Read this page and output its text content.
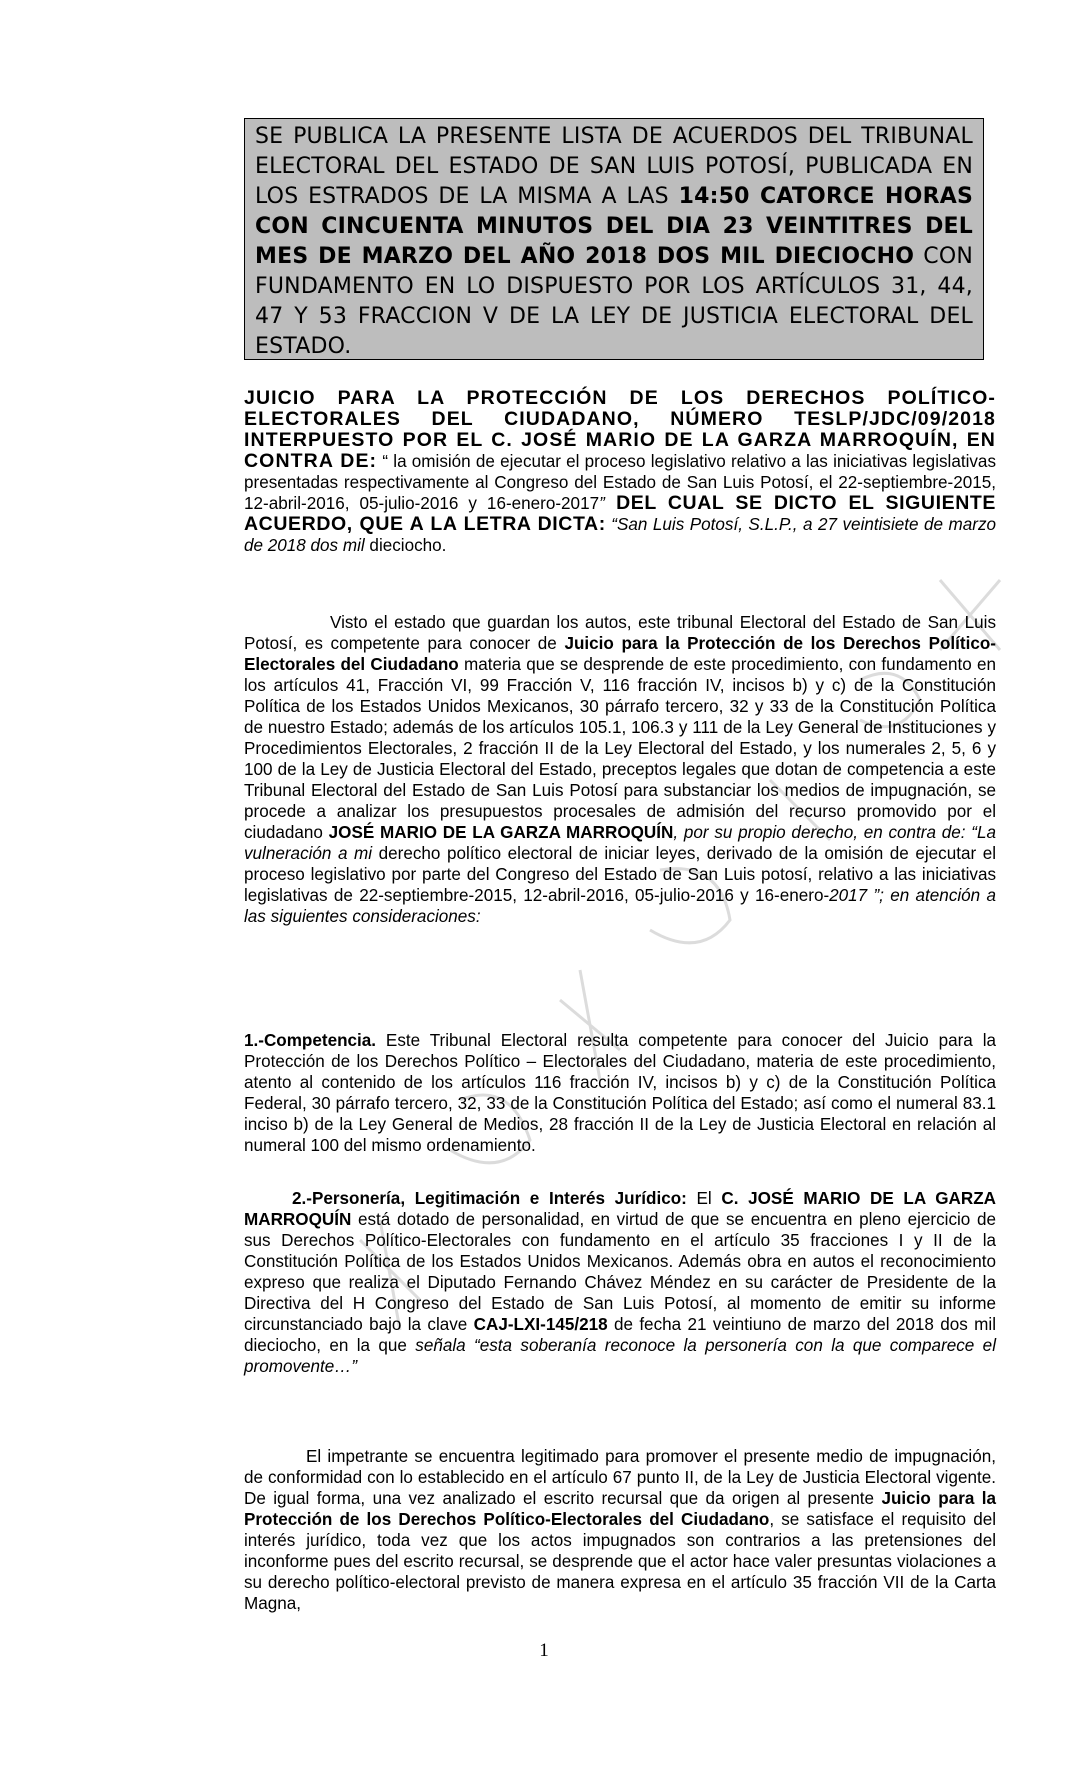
SE PUBLICA LA PRESENTE LISTA DE ACUERDOS DEL TRIBUNAL ELECTORAL DEL ESTADO DE SAN LUIS POTOSÍ, PUBLICADA EN LOS ESTRADOS DE LA MISMA A LAS 14:50 CATORCE HORAS CON CINCUENTA MINUTOS DEL DIA 23 VEINTITRES DEL MES DE MARZO DEL AÑO 2018 DOS MIL DIECIOCHO CON FUNDAMENTO EN LO DISPUESTO POR LOS ARTÍCULOS 31, 44, 47 Y 53 FRACCION V DE LA LEY DE JUSTICIA ELECTORAL DEL ESTADO.
JUICIO PARA LA PROTECCIÓN DE LOS DERECHOS POLÍTICO-ELECTORALES DEL CIUDADANO, NÚMERO TESLP/JDC/09/2018 INTERPUESTO POR EL C. JOSÉ MARIO DE LA GARZA MARROQUÍN, EN CONTRA DE: “ la omisión de ejecutar el proceso legislativo relativo a las iniciativas legislativas presentadas respectivamente al Congreso del Estado de San Luis Potosí, el 22-septiembre-2015, 12-abril-2016, 05-julio-2016 y 16-enero-2017” DEL CUAL SE DICTO EL SIGUIENTE ACUERDO, QUE A LA LETRA DICTA: “San Luis Potosí, S.L.P., a 27 veintisiete de marzo de 2018 dos mil dieciocho.
Visto el estado que guardan los autos, este tribunal Electoral del Estado de San Luis Potosí, es competente para conocer de Juicio para la Protección de los Derechos Político-Electorales del Ciudadano materia que se desprende de este procedimiento, con fundamento en los artículos 41, Fracción VI, 99 Fracción V, 116 fracción IV, incisos b) y c) de la Constitución Política de los Estados Unidos Mexicanos, 30 párrafo tercero, 32 y 33 de la Constitución Política de nuestro Estado; además de los artículos 105.1, 106.3 y 111 de la Ley General de Instituciones y Procedimientos Electorales, 2 fracción II de la Ley Electoral del Estado, y los numerales 2, 5, 6 y 100 de la Ley de Justicia Electoral del Estado, preceptos legales que dotan de competencia a este Tribunal Electoral del Estado de San Luis Potosí para substanciar los medios de impugnación, se procede a analizar los presupuestos procesales de admisión del recurso promovido por el ciudadano JOSÉ MARIO DE LA GARZA MARROQUÍN, por su propio derecho, en contra de: “La vulneración a mi derecho político electoral de iniciar leyes, derivado de la omisión de ejecutar el proceso legislativo por parte del Congreso del Estado de San Luis potosí, relativo a las iniciativas legislativas de 22-septiembre-2015, 12-abril-2016, 05-julio-2016 y 16-enero-2017 ”; en atención a las siguientes consideraciones:
1.-Competencia. Este Tribunal Electoral resulta competente para conocer del Juicio para la Protección de los Derechos Político – Electorales del Ciudadano, materia de este procedimiento, atento al contenido de los artículos 116 fracción IV, incisos b) y c) de la Constitución Política Federal, 30 párrafo tercero, 32, 33 de la Constitución Política del Estado; así como el numeral 83.1 inciso b) de la Ley General de Medios, 28 fracción II de la Ley de Justicia Electoral en relación al numeral 100 del mismo ordenamiento.
2.-Personería, Legitimación e Interés Jurídico: El C. JOSÉ MARIO DE LA GARZA MARROQUÍN está dotado de personalidad, en virtud de que se encuentra en pleno ejercicio de sus Derechos Político-Electorales con fundamento en el artículo 35 fracciones I y II de la Constitución Política de los Estados Unidos Mexicanos. Además obra en autos el reconocimiento expreso que realiza el Diputado Fernando Chávez Méndez en su carácter de Presidente de la Directiva del H Congreso del Estado de San Luis Potosí, al momento de emitir su informe circunstanciado bajo la clave CAJ-LXI-145/218 de fecha 21 veintiuno de marzo del 2018 dos mil dieciocho, en la que señala “esta soberanía reconoce la personería con la que comparece el promovente…”
El impetrante se encuentra legitimado para promover el presente medio de impugnación, de conformidad con lo establecido en el artículo 67 punto II, de la Ley de Justicia Electoral vigente. De igual forma, una vez analizado el escrito recursal que da origen al presente Juicio para la Protección de los Derechos Político-Electorales del Ciudadano, se satisface el requisito del interés jurídico, toda vez que los actos impugnados son contrarios a las pretensiones del inconforme pues del escrito recursal, se desprende que el actor hace valer presuntas violaciones a su derecho político-electoral previsto de manera expresa en el artículo 35 fracción VII de la Carta Magna,
1
